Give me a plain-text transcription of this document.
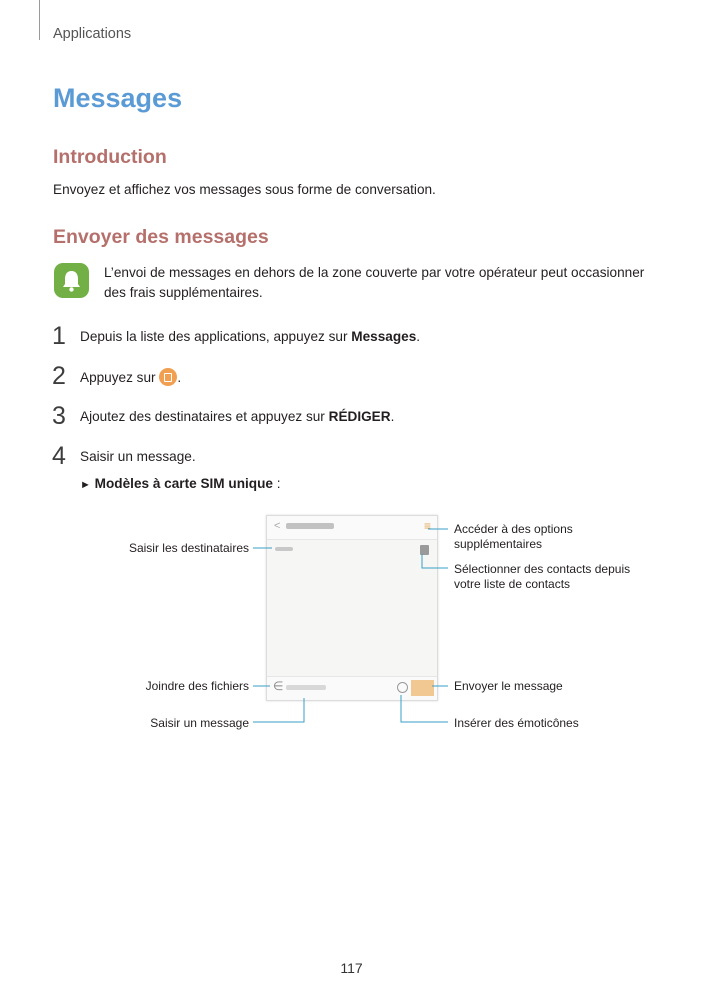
Applications
Messages
Introduction
Envoyez et affichez vos messages sous forme de conversation.
Envoyer des messages
L’envoi de messages en dehors de la zone couverte par votre opérateur peut occasionner
des frais supplémentaires.
1 Depuis la liste des applications, appuyez sur Messages.
2 Appuyez sur .
3 Ajoutez des destinataires et appuyez sur RÉDIGER.
4 Saisir un message.
► Modèles à carte SIM unique :
<	≡
∈
Saisir les destinataires
Accéder à des options
supplémentaires
Sélectionner des contacts depuis
votre liste de contacts
Joindre des fichiers	Envoyer le message
Saisir un message	Insérer des émoticônes
117
